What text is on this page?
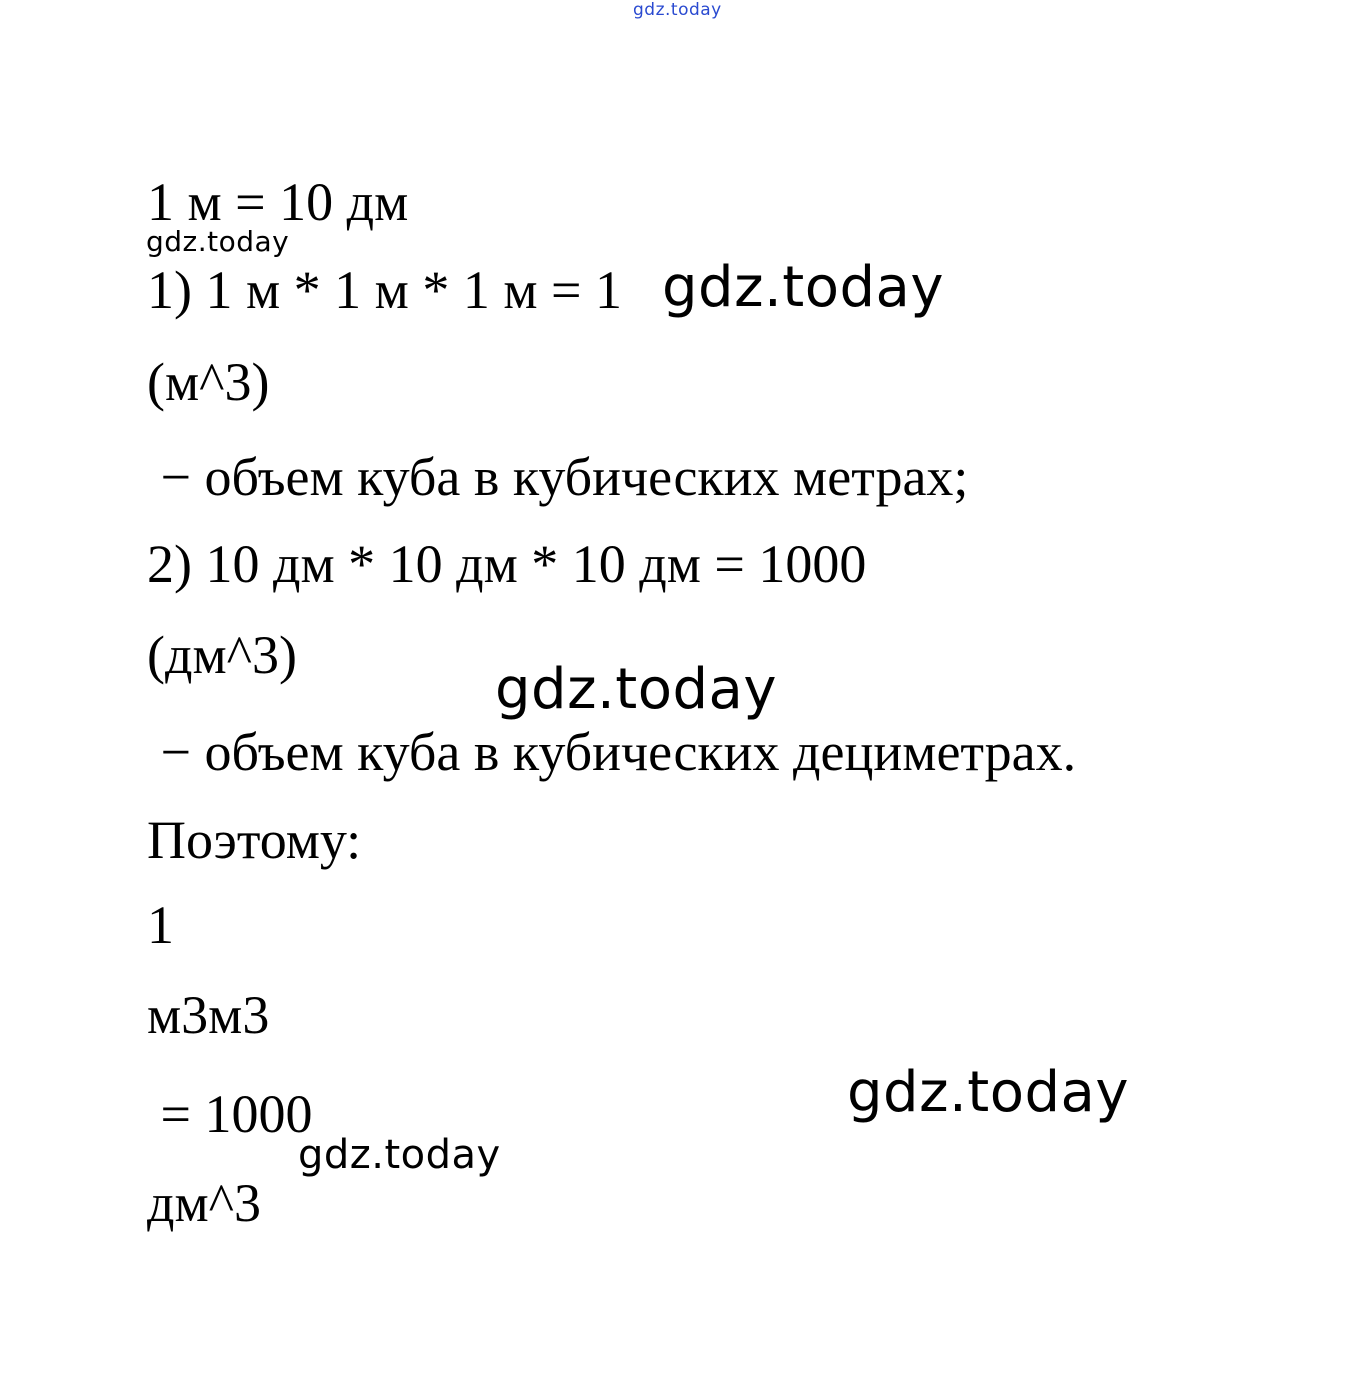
gdz.today
1 м = 10 дм
gdz.today
1) 1 м * 1 м * 1 м = 1 gdz.today
(м^3)
− объем куба в кубических метрах;
2) 10 дм * 10 дм * 10 дм = 1000
(дм^3)
gdz.today
− объем куба в кубических дециметрах.
Поэтому:
1
м3м3
gdz.today
= 1000
gdz.today
дм^3
